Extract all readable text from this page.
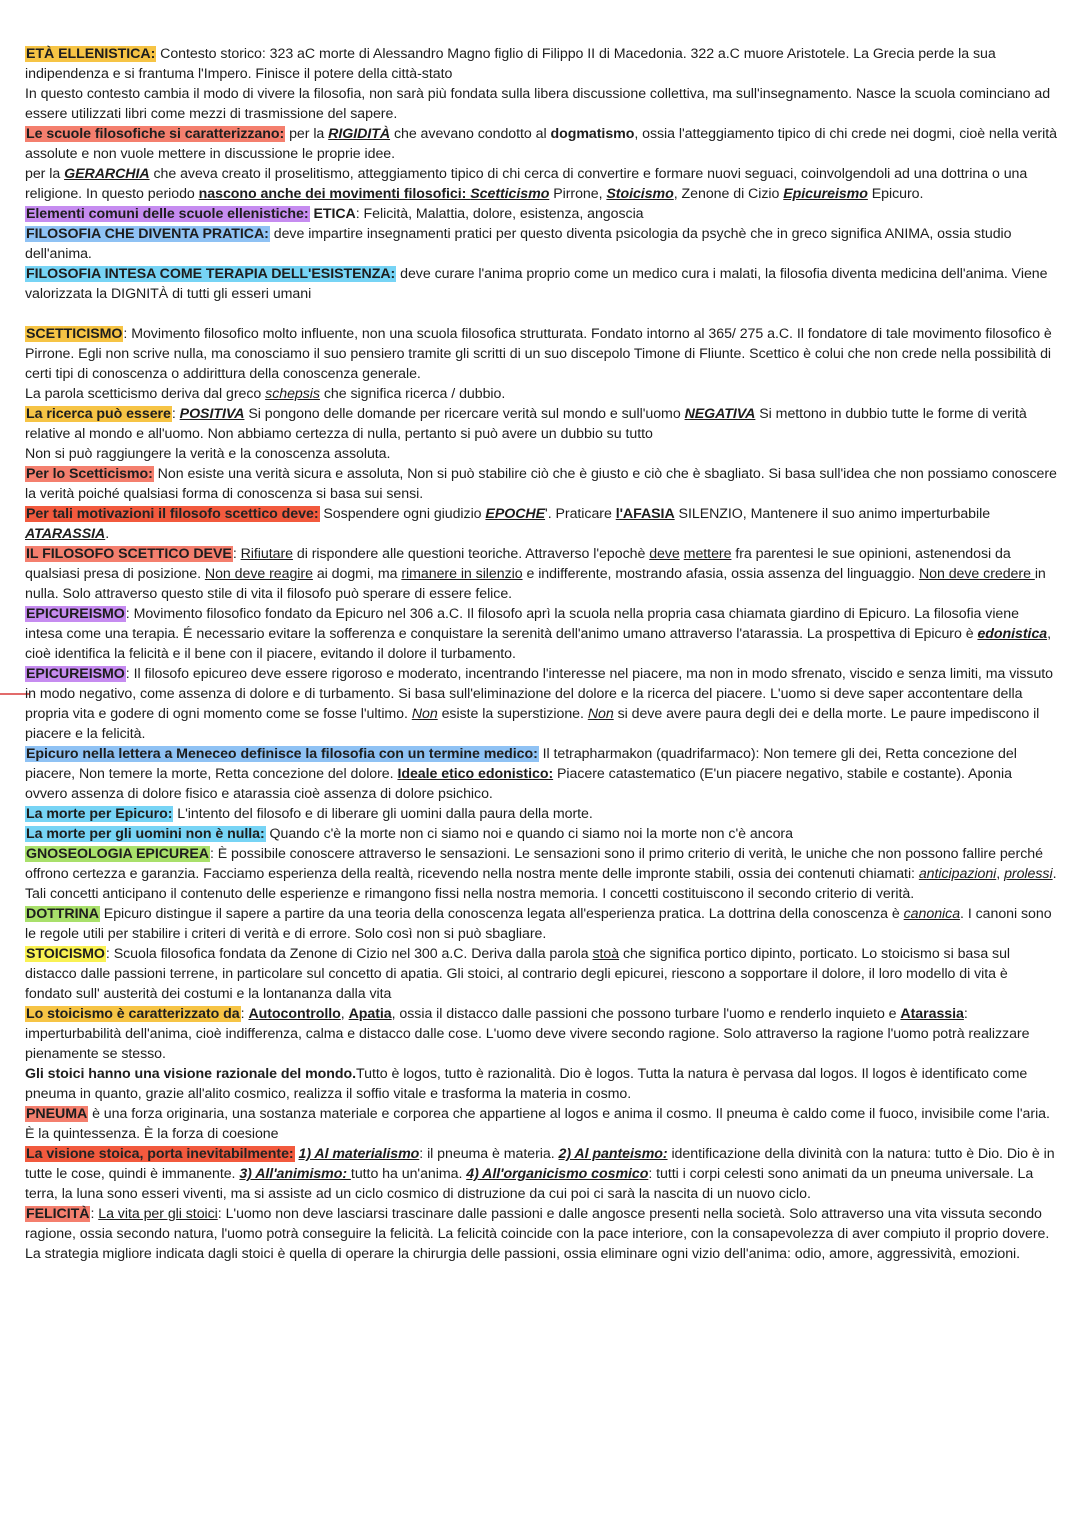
ETÀ ELLENISTICA: Contesto storico: 323 aC morte di Alessandro Magno figlio di Filippo II di Macedonia. 322 a.C muore Aristotele. La Grecia perde la sua indipendenza e si frantuma l'Impero. Finisce il potere della città-stato

In questo contesto cambia il modo di vivere la filosofia, non sarà più fondata sulla libera discussione collettiva, ma sull'insegnamento. Nasce la scuola cominciano ad essere utilizzati libri come mezzi di trasmissione del sapere.

Le scuole filosofiche si caratterizzano: per la RIGIDITÀ che avevano condotto al dogmatismo, ossia l'atteggiamento tipico di chi crede nei dogmi, cioè nella verità assolute e non vuole mettere in discussione le proprie idee.

per la GERARCHIA che aveva creato il proselitismo, atteggiamento tipico di chi cerca di convertire e formare nuovi seguaci, coinvolgendoli ad una dottrina o una religione. In questo periodo nascono anche dei movimenti filosofici: Scetticismo Pirrone, Stoicismo, Zenone di Cizio Epicureismo Epicuro.

Elementi comuni delle scuole ellenistiche: ETICA: Felicità, Malattia, dolore, esistenza, angoscia

FILOSOFIA CHE DIVENTA PRATICA: deve impartire insegnamenti pratici per questo diventa psicologia da psychè che in greco significa ANIMA, ossia studio dell'anima.

FILOSOFIA INTESA COME TERAPIA DELL'ESISTENZA: deve curare l'anima proprio come un medico cura i malati, la filosofia diventa medicina dell'anima. Viene valorizzata la DIGNITÀ di tutti gli esseri umani

SCETTICISMO: Movimento filosofico molto influente, non una scuola filosofica strutturata. Fondato intorno al 365/ 275 a.C. Il fondatore di tale movimento filosofico è Pirrone. Egli non scrive nulla, ma conosciamo il suo pensiero tramite gli scritti di un suo discepolo Timone di Fliunte. Scettico è colui che non crede nella possibilità di certi tipi di conoscenza o addirittura della conoscenza generale.

La parola scetticismo deriva dal greco schepsis che significa ricerca / dubbio.

La ricerca può essere: POSITIVA Si pongono delle domande per ricercare verità sul mondo e sull'uomo NEGATIVA Si mettono in dubbio tutte le forme di verità relative al mondo e all'uomo. Non abbiamo certezza di nulla, pertanto si può avere un dubbio su tutto

Non si può raggiungere la verità e la conoscenza assoluta.

Per lo Scetticismo: Non esiste una verità sicura e assoluta, Non si può stabilire ciò che è giusto e ciò che è sbagliato. Si basa sull'idea che non possiamo conoscere la verità poiché qualsiasi forma di conoscenza si basa sui sensi.

Per tali motivazioni il filosofo scettico deve: Sospendere ogni giudizio EPOCHE'. Praticare l'AFASIA SILENZIO, Mantenere il suo animo imperturbabile ATARASSIA.

IL FILOSOFO SCETTICO DEVE: Rifiutare di rispondere alle questioni teoriche. Attraverso l'epochè deve mettere fra parentesi le sue opinioni, astenendosi da qualsiasi presa di posizione. Non deve reagire ai dogmi, ma rimanere in silenzio e indifferente, mostrando afasia, ossia assenza del linguaggio. Non deve credere in nulla. Solo attraverso questo stile di vita il filosofo può sperare di essere felice.

EPICUREISMO: Movimento filosofico fondato da Epicuro nel 306 a.C. Il filosofo aprì la scuola nella propria casa chiamata giardino di Epicuro. La filosofia viene intesa come una terapia. É necessario evitare la sofferenza e conquistare la serenità dell'animo umano attraverso l'atarassia. La prospettiva di Epicuro è edonistica, cioè identifica la felicità e il bene con il piacere, evitando il dolore il turbamento.

EPICUREISMO: Il filosofo epicureo deve essere rigoroso e moderato, incentrando l'interesse nel piacere, ma non in modo sfrenato, viscido e senza limiti, ma vissuto in modo negativo, come assenza di dolore e di turbamento. Si basa sull'eliminazione del dolore e la ricerca del piacere. L'uomo si deve saper accontentare della propria vita e godere di ogni momento come se fosse l'ultimo. Non esiste la superstizione. Non si deve avere paura degli dei e della morte. Le paure impediscono il piacere e la felicità.

Epicuro nella lettera a Meneceo definisce la filosofia con un termine medico: Il tetrapharmakon (quadrifarmaco): Non temere gli dei, Retta concezione del piacere, Non temere la morte, Retta concezione del dolore. Ideale etico edonistico: Piacere catastematico (E'un piacere negativo, stabile e costante). Aponia ovvero assenza di dolore fisico e atarassia cioè assenza di dolore psichico.

La morte per Epicuro: L'intento del filosofo e di liberare gli uomini dalla paura della morte.

La morte per gli uomini non è nulla: Quando c'è la morte non ci siamo noi e quando ci siamo noi la morte non c'è ancora

GNOSEOLOGIA EPICUREA: È possibile conoscere attraverso le sensazioni. Le sensazioni sono il primo criterio di verità, le uniche che non possono fallire perché offrono certezza e garanzia. Facciamo esperienza della realtà, ricevendo nella nostra mente delle impronte stabili, ossia dei contenuti chiamati: anticipazioni, prolessi. Tali concetti anticipano il contenuto delle esperienze e rimangono fissi nella nostra memoria. I concetti costituiscono il secondo criterio di verità.

DOTTRINA Epicuro distingue il sapere a partire da una teoria della conoscenza legata all'esperienza pratica. La dottrina della conoscenza è canonica. I canoni sono le regole utili per stabilire i criteri di verità e di errore. Solo così non si può sbagliare.

STOICISMO: Scuola filosofica fondata da Zenone di Cizio nel 300 a.C. Deriva dalla parola stoà che significa portico dipinto, porticato. Lo stoicismo si basa sul distacco dalle passioni terrene, in particolare sul concetto di apatia. Gli stoici, al contrario degli epicurei, riescono a sopportare il dolore, il loro modello di vita è fondato sull' austerità dei costumi e la lontananza dalla vita

Lo stoicismo è caratterizzato da: Autocontrollo, Apatia, ossia il distacco dalle passioni che possono turbare l'uomo e renderlo inquieto e Atarassia: imperturbabilità dell'anima, cioè indifferenza, calma e distacco dalle cose. L'uomo deve vivere secondo ragione. Solo attraverso la ragione l'uomo potrà realizzare pienamente se stesso.

Gli stoici hanno una visione razionale del mondo.Tutto è logos, tutto è razionalità. Dio è logos. Tutta la natura è pervasa dal logos. Il logos è identificato come pneuma in quanto, grazie all'alito cosmico, realizza il soffio vitale e trasforma la materia in cosmo.

PNEUMA è una forza originaria, una sostanza materiale e corporea che appartiene al logos e anima il cosmo. Il pneuma è caldo come il fuoco, invisibile come l'aria. È la quintessenza. È la forza di coesione

La visione stoica, porta inevitabilmente: 1) Al materialismo: il pneuma è materia. 2) Al panteismo: identificazione della divinità con la natura: tutto è Dio. Dio è in tutte le cose, quindi è immanente. 3) All'animismo: tutto ha un'anima. 4) All'organicismo cosmico: tutti i corpi celesti sono animati da un pneuma universale. La terra, la luna sono esseri viventi, ma si assiste ad un ciclo cosmico di distruzione da cui poi ci sarà la nascita di un nuovo ciclo.

FELICITÀ: La vita per gli stoici: L'uomo non deve lasciarsi trascinare dalle passioni e dalle angosce presenti nella società. Solo attraverso una vita vissuta secondo ragione, ossia secondo natura, l'uomo potrà conseguire la felicità. La felicità coincide con la pace interiore, con la consapevolezza di aver compiuto il proprio dovere. La strategia migliore indicata dagli stoici è quella di operare la chirurgia delle passioni, ossia eliminare ogni vizio dell'anima: odio, amore, aggressività, emozioni.
